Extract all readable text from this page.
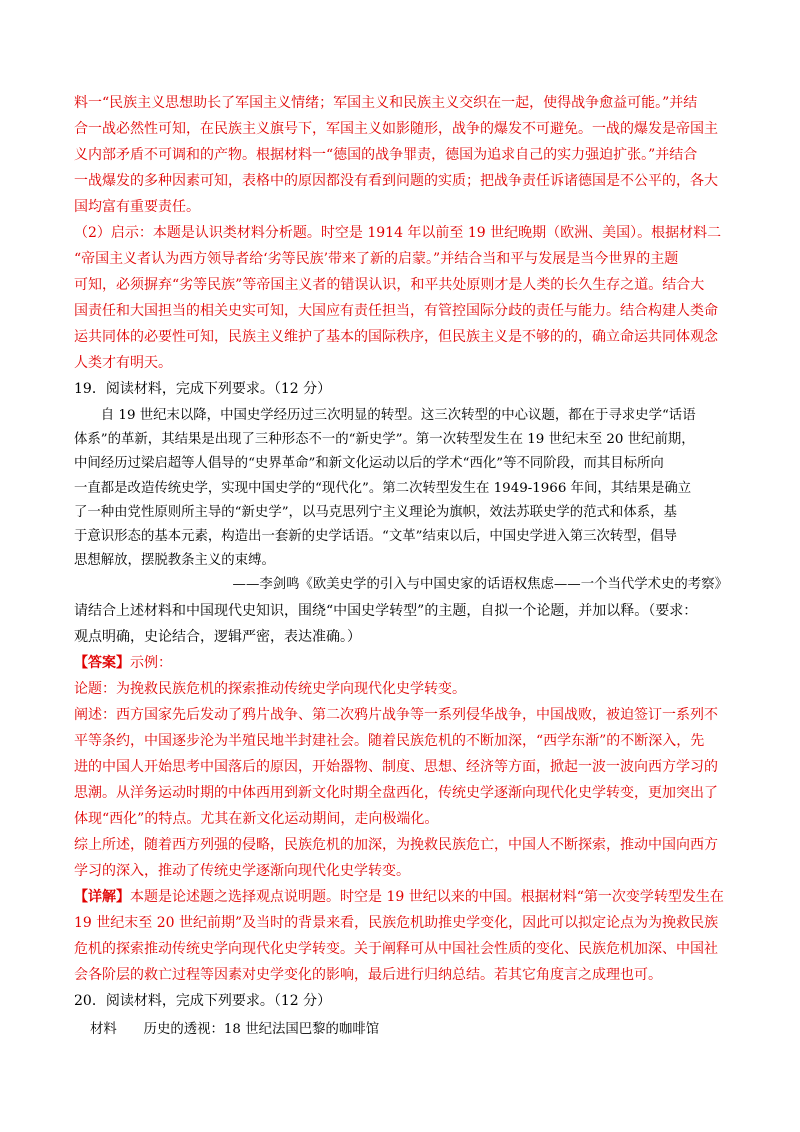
料一“民族主义思想助长了军国主义情绪；军国主义和民族主义交织在一起，使得战争愈益可能。”并结

合一战必然性可知，在民族主义旗号下，军国主义如影随形，战争的爆发不可避免。一战的爆发是帝国主

义内部矛盾不可调和的产物。根据材料一“德国的战争罪责，德国为追求自己的实力强迫扩张。”并结合

一战爆发的多种因素可知，表格中的原因都没有看到问题的实质；把战争责任诉诸德国是不公平的，各大

国均富有重要责任。

（2）启示：本题是认识类材料分析题。时空是 1914 年以前至 19 世纪晚期（欧洲、美国）。根据材料二

“帝国主义者认为西方领导者给‘劣等民族’带来了新的启蒙。”并结合当和平与发展是当今世界的主题

可知，必须摒弃“劣等民族”等帝国主义者的错误认识，和平共处原则才是人类的长久生存之道。结合大

国责任和大国担当的相关史实可知，大国应有责任担当，有管控国际分歧的责任与能力。结合构建人类命

运共同体的必要性可知，民族主义维护了基本的国际秩序，但民族主义是不够的的，确立命运共同体观念

人类才有明天。

19．阅读材料，完成下列要求。（12 分）

　　自 19 世纪末以降，中国史学经历过三次明显的转型。这三次转型的中心议题，都在于寻求史学“话语

体系”的革新，其结果是出现了三种形态不一的“新史学”。第一次转型发生在 19 世纪末至 20 世纪前期，

中间经历过梁启超等人倡导的“史界革命”和新文化运动以后的学术“西化”等不同阶段，而其目标所向

一直都是改造传统史学，实现中国史学的“现代化”。第二次转型发生在 1949-1966 年间，其结果是确立

了一种由党性原则所主导的“新史学”，以马克思列宁主义理论为旗帜，效法苏联史学的范式和体系，基

于意识形态的基本元素，构造出一套新的史学话语。“文革”结束以后，中国史学进入第三次转型，倡导

思想解放，摆脱教条主义的束缚。

——李剑鸣《欧美史学的引入与中国史家的话语权焦虑——一个当代学术史的考察》

请结合上述材料和中国现代史知识，围绕“中国史学转型”的主题，自拟一个论题，并加以释。（要求：

观点明确，史论结合，逻辑严密，表达准确。）

【答案】示例：

论题：为挽救民族危机的探索推动传统史学向现代化史学转变。

阐述：西方国家先后发动了鸦片战争、第二次鸦片战争等一系列侵华战争，中国战败，被迫签订一系列不

平等条约，中国逐步沦为半殖民地半封建社会。随着民族危机的不断加深，“西学东渐”的不断深入，先

进的中国人开始思考中国落后的原因，开始器物、制度、思想、经济等方面，掀起一波一波向西方学习的

思潮。从洋务运动时期的中体西用到新文化时期全盘西化，传统史学逐渐向现代化史学转变，更加突出了

体现“西化”的特点。尤其在新文化运动期间，走向极端化。

综上所述，随着西方列强的侵略，民族危机的加深，为挽救民族危亡，中国人不断探索，推动中国向西方

学习的深入，推动了传统史学逐渐向现代化史学转变。

【详解】本题是论述题之选择观点说明题。时空是 19 世纪以来的中国。根据材料“第一次变学转型发生在

19 世纪末至 20 世纪前期”及当时的背景来看，民族危机助推史学变化，因此可以拟定论点为为挽救民族

危机的探索推动传统史学向现代化史学转变。关于阐释可从中国社会性质的变化、民族危机加深、中国社

会各阶层的救亡过程等因素对史学变化的影响，最后进行归纳总结。若其它角度言之成理也可。

20．阅读材料，完成下列要求。（12 分）

材料　　历史的透视：18 世纪法国巴黎的咖啡馆
